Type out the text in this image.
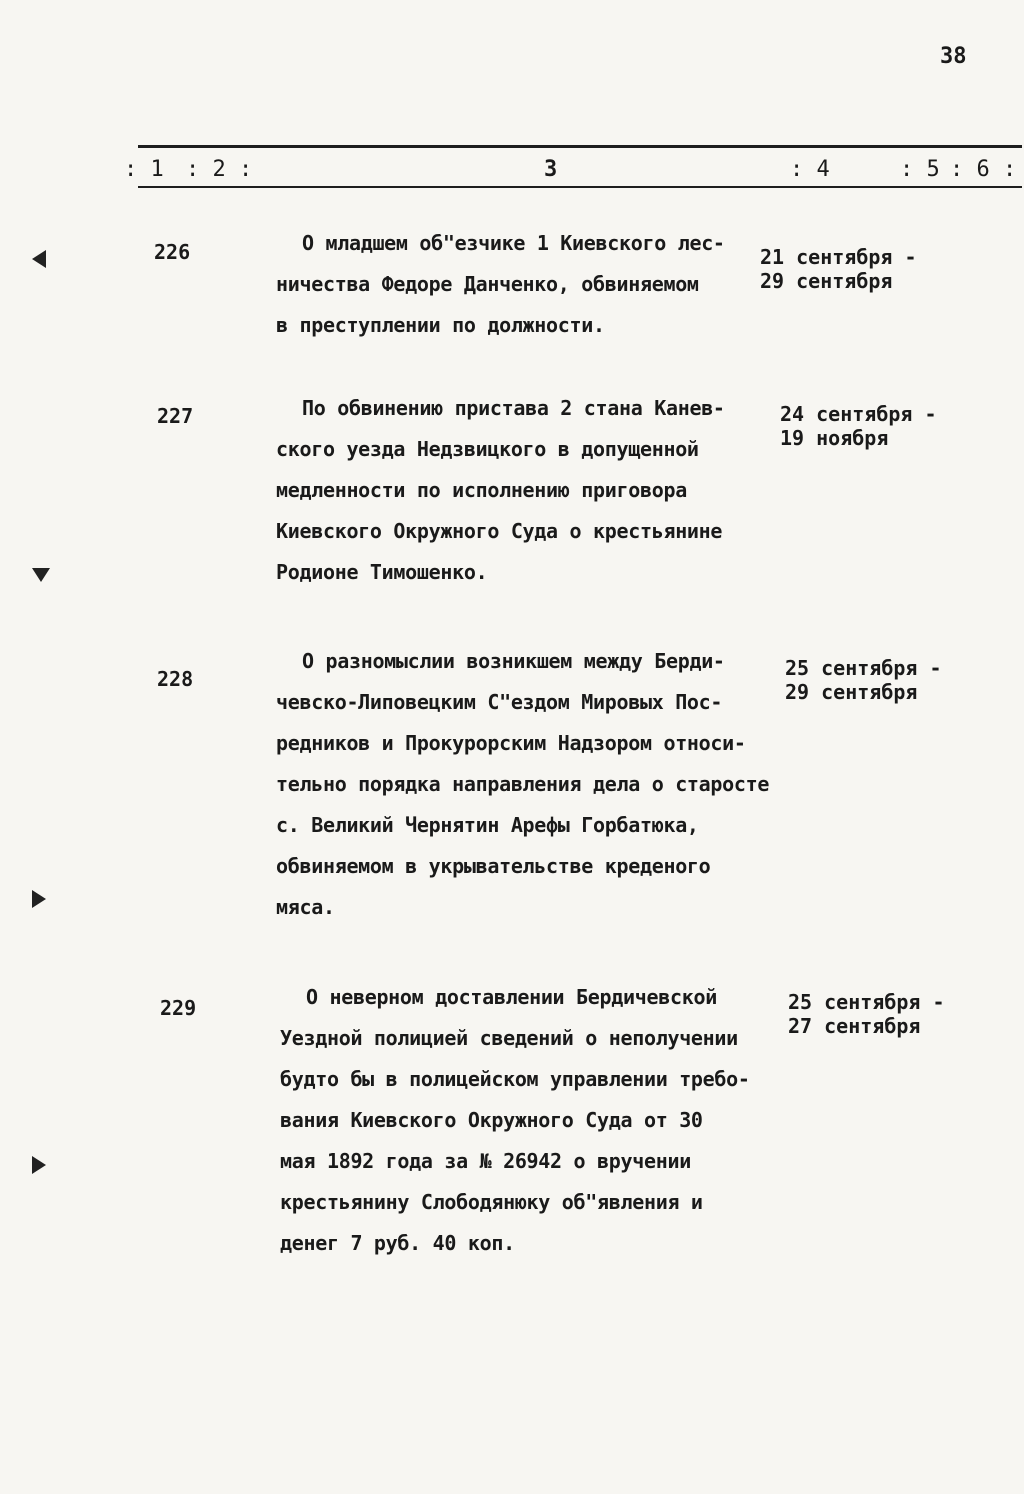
38
: 1 : 2 :	3	: 4	: 5 : 6 :
226	О младшем об"езчике 1 Киевского лес-
ничества Федоре Данченко, обвиняемом
в преступлении по должности.
21 сентября -
29 сентября
227	По обвинению пристава 2 стана Канев-
ского уезда Недзвицкого в допущенной
медленности по исполнению приговора
Киевского Окружного Суда о крестьянине
Родионе Тимошенко.
24 сентября -
19 ноября
228
О разномыслии возникшем между Берди-
чевско-Липовецким С"ездом Мировых Пос-
редников и Прокурорским Надзором относи-
тельно порядка направления дела о старосте
с. Великий Чернятин Арефы Горбатюка,
обвиняемом в укрывательстве креденого
мяса.
25 сентября -
29 сентября
229	О неверном доставлении Бердичевской
Уездной полицией сведений о неполучении
будто бы в полицейском управлении требо-
вания Киевского Окружного Суда от 30
мая 1892 года за № 26942 о вручении
крестьянину Слободянюку об"явления и
денег 7 руб. 40 коп.
25 сентября -
27 сентября
